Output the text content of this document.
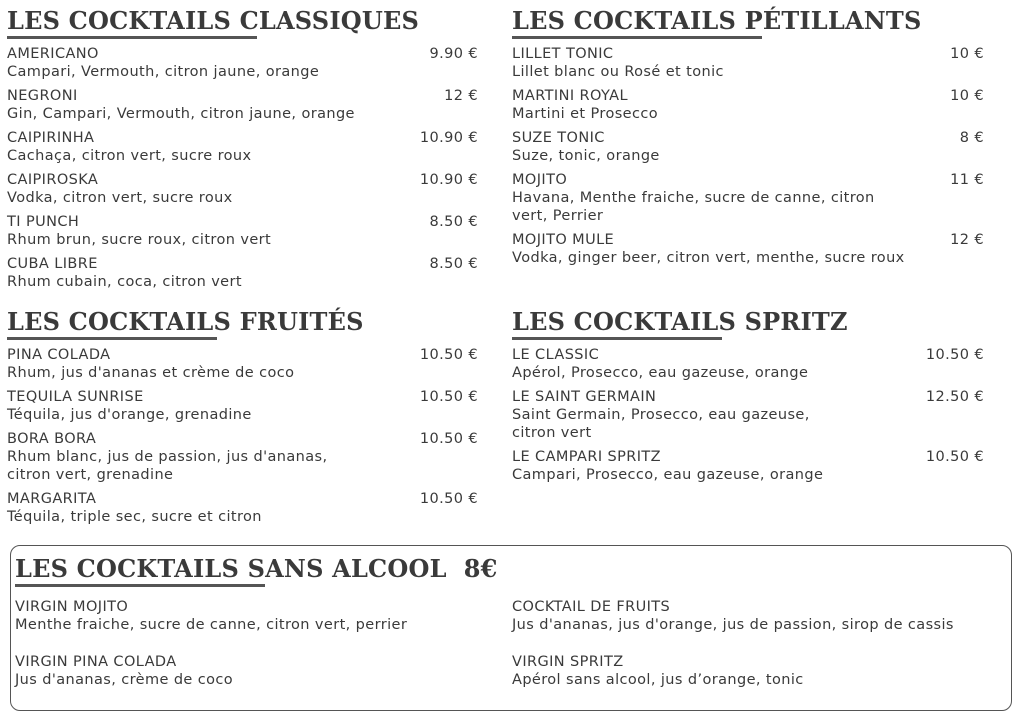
LES COCKTAILS CLASSIQUES
AMERICANO	9.90 €
Campari, Vermouth, citron jaune, orange
NEGRONI	12 €
Gin, Campari, Vermouth, citron jaune, orange
CAIPIRINHA	10.90 €
Cachaça, citron vert, sucre roux
CAIPIROSKA	10.90 €
Vodka, citron vert, sucre roux
TI PUNCH	8.50 €
Rhum brun, sucre roux, citron vert
CUBA LIBRE	8.50 €
Rhum cubain, coca, citron vert
LES COCKTAILS PÉTILLANTS
LILLET TONIC	10 €
Lillet blanc ou Rosé et tonic
MARTINI ROYAL	10 €
Martini et Prosecco
SUZE TONIC	8 €
Suze, tonic, orange
MOJITO	11 €
Havana, Menthe fraiche, sucre de canne, citron vert, Perrier
MOJITO MULE	12 €
Vodka, ginger beer, citron vert, menthe, sucre roux
LES COCKTAILS FRUITÉS
PINA COLADA	10.50 €
Rhum, jus d'ananas et crème de coco
TEQUILA SUNRISE	10.50 €
Téquila, jus d'orange, grenadine
BORA BORA	10.50 €
Rhum blanc, jus de passion, jus d'ananas, citron vert, grenadine
MARGARITA	10.50 €
Téquila, triple sec, sucre et citron
LES COCKTAILS SPRITZ
LE CLASSIC	10.50 €
Apérol, Prosecco, eau gazeuse, orange
LE SAINT GERMAIN	12.50 €
Saint Germain, Prosecco, eau gazeuse, citron vert
LE CAMPARI SPRITZ	10.50 €
Campari, Prosecco, eau gazeuse, orange
LES COCKTAILS SANS ALCOOL 8€
VIRGIN MOJITO
Menthe fraiche, sucre de canne, citron vert, perrier
COCKTAIL DE FRUITS
Jus d'ananas, jus d'orange, jus de passion, sirop de cassis
VIRGIN PINA COLADA
Jus d'ananas, crème de coco
VIRGIN SPRITZ
Apérol sans alcool, jus d’orange, tonic
